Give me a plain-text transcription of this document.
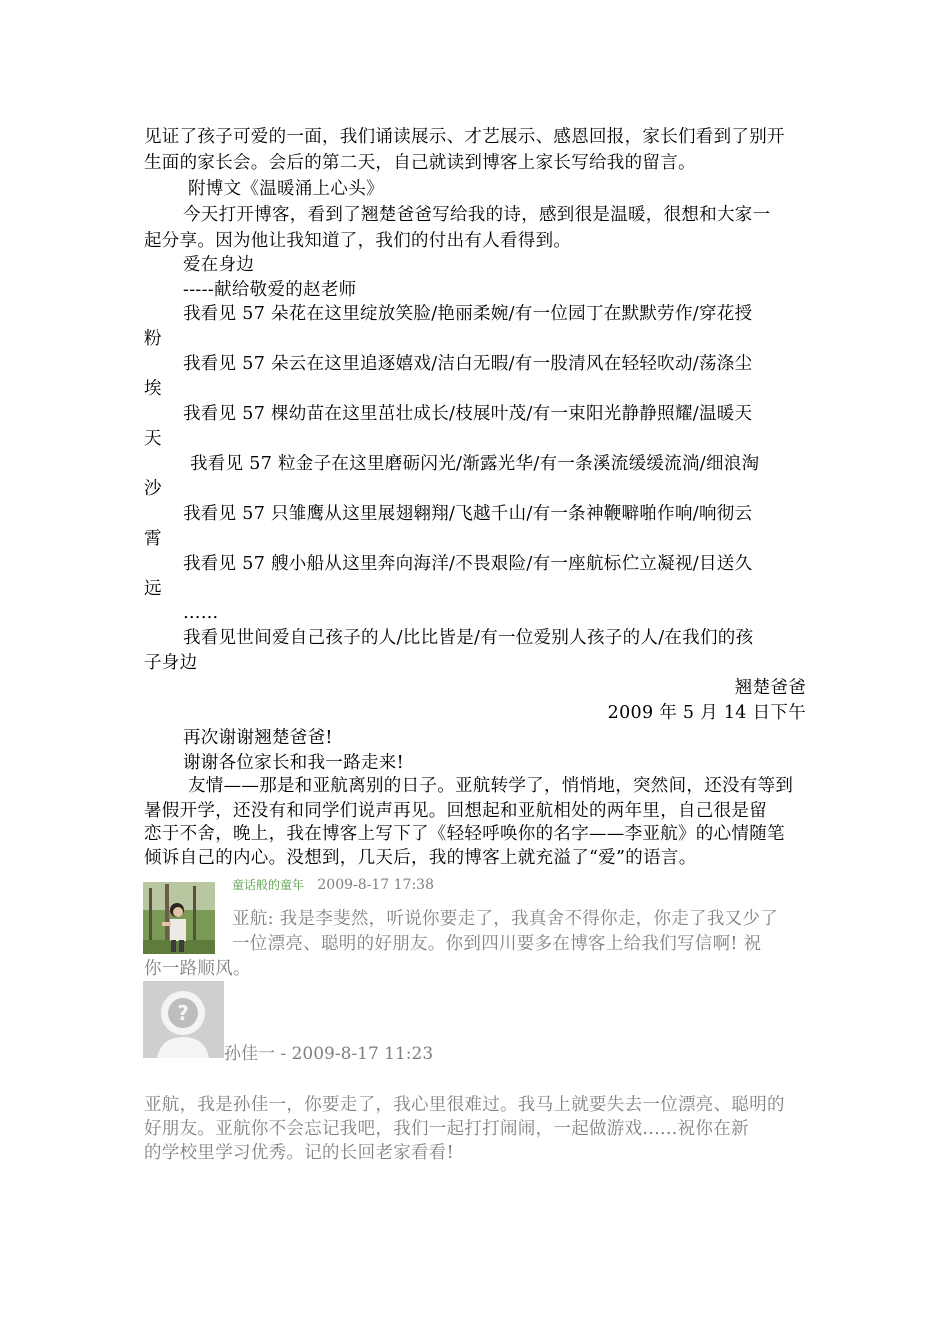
见证了孩子可爱的一面，我们诵读展示、才艺展示、感恩回报，家长们看到了别开
生面的家长会。会后的第二天，自己就读到博客上家长写给我的留言。
附博文《温暖涌上心头》
今天打开博客，看到了翘楚爸爸写给我的诗，感到很是温暖，很想和大家一
起分享。因为他让我知道了，我们的付出有人看得到。
爱在身边
-----献给敬爱的赵老师
我看见 57 朵花在这里绽放笑脸/艳丽柔婉/有一位园丁在默默劳作/穿花授
粉
我看见 57 朵云在这里追逐嬉戏/洁白无暇/有一股清风在轻轻吹动/荡涤尘
埃
我看见 57 棵幼苗在这里茁壮成长/枝展叶茂/有一束阳光静静照耀/温暖天
天
我看见 57 粒金子在这里磨砺闪光/渐露光华/有一条溪流缓缓流淌/细浪淘
沙
我看见 57 只雏鹰从这里展翅翱翔/飞越千山/有一条神鞭噼啪作响/响彻云
霄
我看见 57 艘小船从这里奔向海洋/不畏艰险/有一座航标伫立凝视/目送久
远
……
我看见世间爱自己孩子的人/比比皆是/有一位爱别人孩子的人/在我们的孩
子身边
翘楚爸爸
2009 年 5 月 14 日下午
再次谢谢翘楚爸爸!
谢谢各位家长和我一路走来!
友情——那是和亚航离别的日子。亚航转学了，悄悄地，突然间，还没有等到
暑假开学，还没有和同学们说声再见。回想起和亚航相处的两年里，自己很是留
恋于不舍，晚上，我在博客上写下了《轻轻呼唤你的名字——李亚航》的心情随笔
倾诉自己的内心。没想到，几天后，我的博客上就充溢了“爱”的语言。
童话般的童年 2009-8-17 17:38
亚航: 我是李斐然，听说你要走了，我真舍不得你走，你走了我又少了
一位漂亮、聪明的好朋友。你到四川要多在博客上给我们写信啊! 祝
你一路顺风。
?
孙佳一 - 2009-8-17 11:23
亚航，我是孙佳一，你要走了，我心里很难过。我马上就要失去一位漂亮、聪明的
好朋友。亚航你不会忘记我吧，我们一起打打闹闹，一起做游戏......祝你在新
的学校里学习优秀。记的长回老家看看!
